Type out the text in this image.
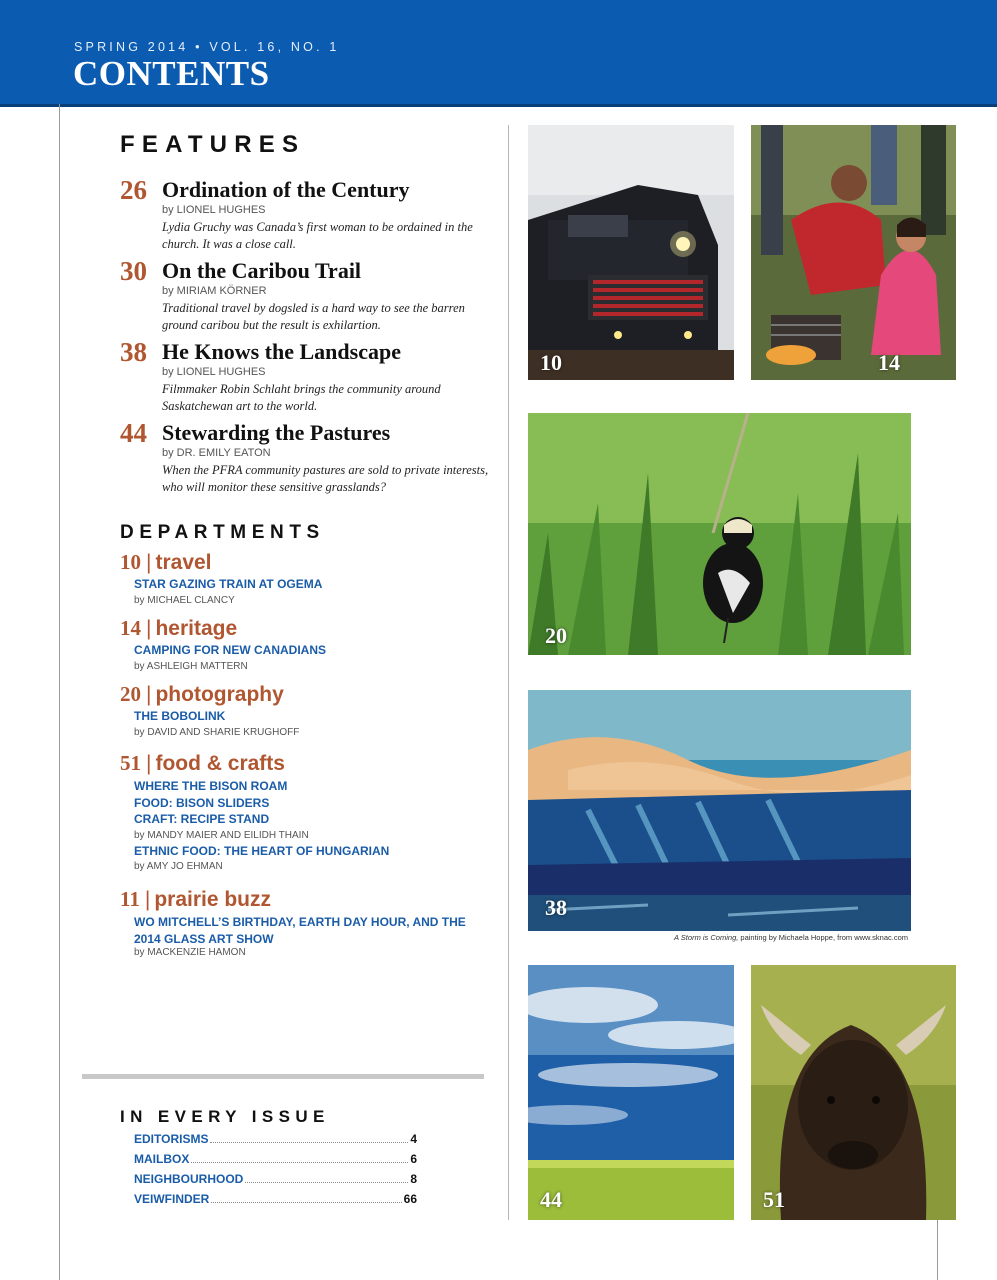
SPRING 2014 • VOL. 16, NO. 1
CONTENTS
FEATURES
26 Ordination of the Century
by LIONEL HUGHES
Lydia Gruchy was Canada’s first woman to be ordained in the church. It was a close call.
30 On the Caribou Trail
by MIRIAM KÖRNER
Traditional travel by dogsled is a hard way to see the barren ground caribou but the result is exhilartion.
38 He Knows the Landscape
by LIONEL HUGHES
Filmmaker Robin Schlaht brings the community around Saskatchewan art to the world.
44 Stewarding the Pastures
by DR. EMILY EATON
When the PFRA community pastures are sold to private interests, who will monitor these sensitive grasslands?
DEPARTMENTS
10 | travel
STAR GAZING TRAIN AT OGEMA
by MICHAEL CLANCY
14 | heritage
CAMPING FOR NEW CANADIANS
by ASHLEIGH MATTERN
20 | photography
THE BOBOLINK
by DAVID AND SHARIE KRUGHOFF
51 | food & crafts
WHERE THE BISON ROAM
FOOD: BISON SLIDERS
CRAFT: RECIPE STAND
by MANDY MAIER AND EILIDH THAIN
ETHNIC FOOD: THE HEART OF HUNGARIAN
by AMY JO EHMAN
11 | prairie buzz
WO MITCHELL’S BIRTHDAY, EARTH DAY HOUR, AND THE
2014 GLASS ART SHOW
by MACKENZIE HAMON
IN EVERY ISSUE
EDITORISMS	4
MAILBOX	6
NEIGHBOURHOOD	8
VEIWFINDER	66
10	14
20
38
A Storm is Coming, painting by Michaela Hoppe, from www.sknac.com
44	51
